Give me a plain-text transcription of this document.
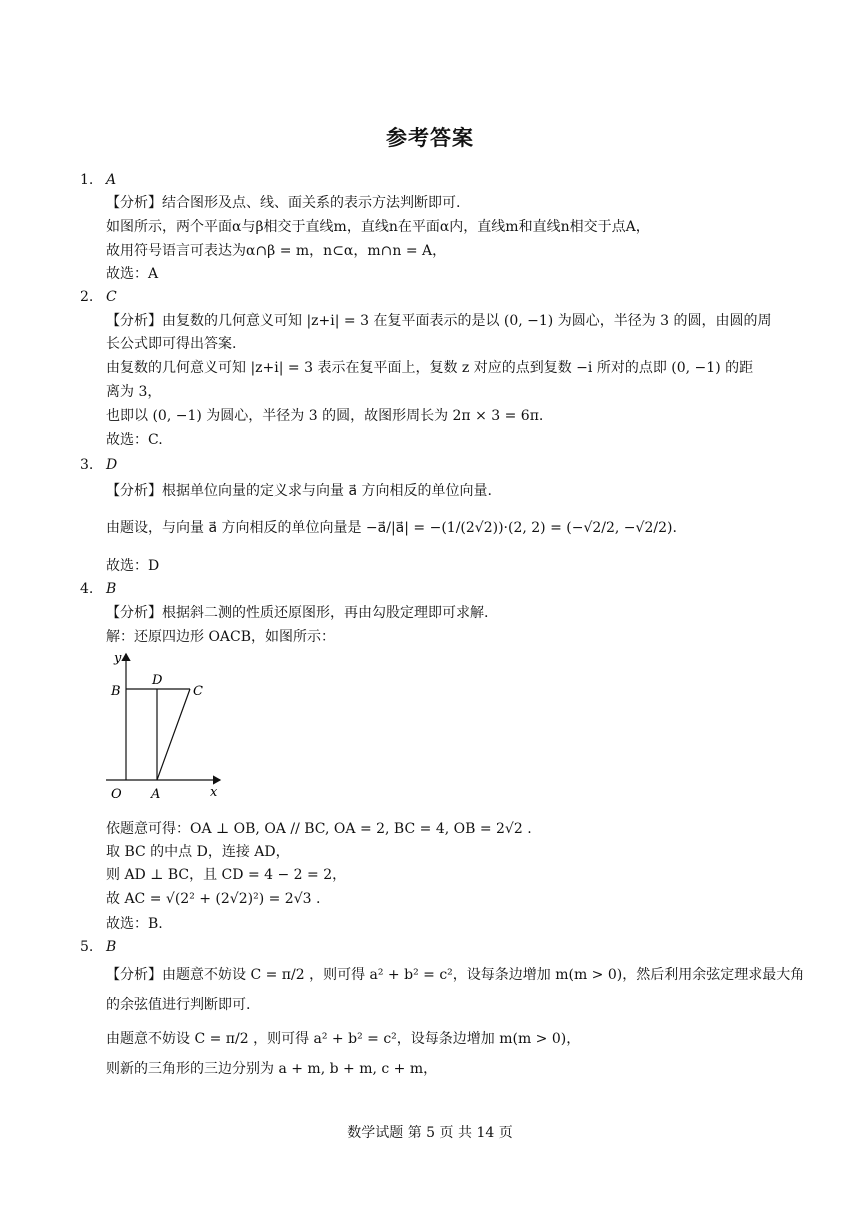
参考答案
1. A
【分析】结合图形及点、线、面关系的表示方法判断即可.
如图所示，两个平面α与β相交于直线m，直线n在平面α内，直线m和直线n相交于点A，
故用符号语言可表达为α∩β = m，n⊂α，m∩n = A，
故选：A
2. C
【分析】由复数的几何意义可知 |z+i| = 3 在复平面表示的是以 (0, −1) 为圆心，半径为 3 的圆，由圆的周
长公式即可得出答案.
由复数的几何意义可知 |z+i| = 3 表示在复平面上，复数 z 对应的点到复数 −i 所对的点即 (0, −1) 的距
离为 3，
也即以 (0, −1) 为圆心，半径为 3 的圆，故图形周长为 2π × 3 = 6π.
故选：C.
3. D
【分析】根据单位向量的定义求与向量 a⃗ 方向相反的单位向量.
由题设，与向量 a⃗ 方向相反的单位向量是 −a⃗/|a⃗| = −(1/(2√2))·(2, 2) = (−√2/2, −√2/2).
故选：D
4. B
【分析】根据斜二测的性质还原图形，再由勾股定理即可求解.
解：还原四边形 OACB，如图所示：
y
x
O A
B	C
D
依题意可得：OA ⊥ OB, OA // BC, OA = 2, BC = 4, OB = 2√2 .
取 BC 的中点 D，连接 AD，
则 AD ⊥ BC，且 CD = 4 − 2 = 2，
故 AC = √(2² + (2√2)²) = 2√3 .
故选：B.
5. B
【分析】由题意不妨设 C = π/2 ，则可得 a² + b² = c²，设每条边增加 m(m > 0)，然后利用余弦定理求最大角
的余弦值进行判断即可.
由题意不妨设 C = π/2 ，则可得 a² + b² = c²，设每条边增加 m(m > 0)，
则新的三角形的三边分别为 a + m, b + m, c + m，
数学试题 第 5 页 共 14 页
